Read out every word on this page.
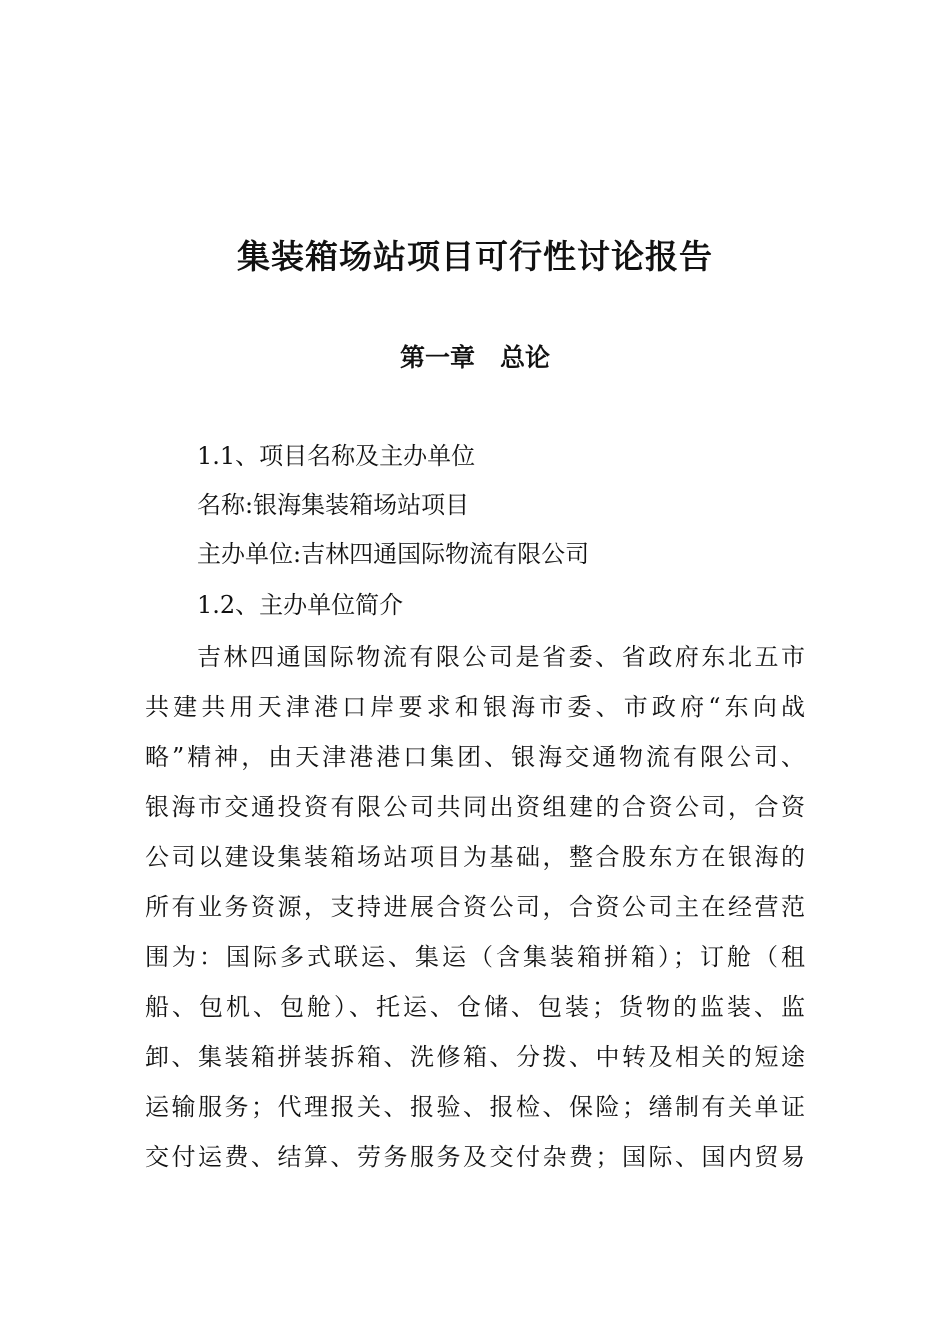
集装箱场站项目可行性讨论报告
第一章　总论

1.1、项目名称及主办单位

名称:银海集装箱场站项目

主办单位:吉林四通国际物流有限公司

1.2、主办单位简介

吉林四通国际物流有限公司是省委、省政府东北五市

共建共用天津港口岸要求和银海市委、市政府“东向战

略”精神，由天津港港口集团、银海交通物流有限公司、

银海市交通投资有限公司共同出资组建的合资公司，合资

公司以建设集装箱场站项目为基础，整合股东方在银海的

所有业务资源，支持进展合资公司，合资公司主在经营范

围为：国际多式联运、集运（含集装箱拼箱）；订舱（租

船、包机、包舱）、托运、仓储、包装；货物的监装、监

卸、集装箱拼装拆箱、洗修箱、分拨、中转及相关的短途

运输服务；代理报关、报验、报检、保险；缮制有关单证

交付运费、结算、劳务服务及交付杂费；国际、国内贸易
